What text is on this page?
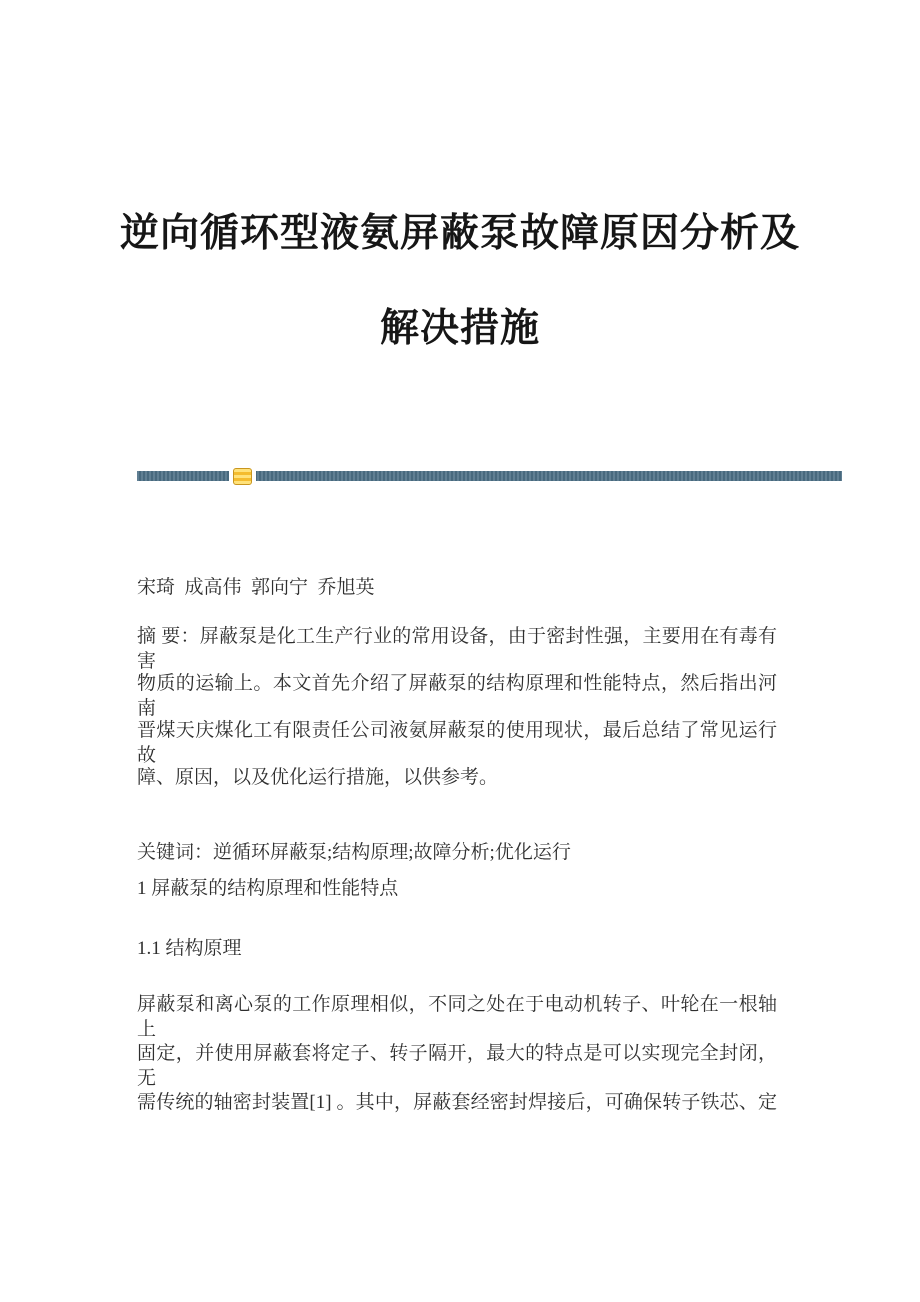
逆向循环型液氨屏蔽泵故障原因分析及
解决措施

宋琦  成高伟  郭向宁  乔旭英

摘 要：屏蔽泵是化工生产行业的常用设备，由于密封性强，主要用在有毒有害
物质的运输上。本文首先介绍了屏蔽泵的结构原理和性能特点，然后指出河南
晋煤天庆煤化工有限责任公司液氨屏蔽泵的使用现状，最后总结了常见运行故
障、原因，以及优化运行措施，以供参考。

关键词：逆循环屏蔽泵;结构原理;故障分析;优化运行

1 屏蔽泵的结构原理和性能特点
1.1 结构原理
屏蔽泵和离心泵的工作原理相似，不同之处在于电动机转子、叶轮在一根轴上
固定，并使用屏蔽套将定子、转子隔开，最大的特点是可以实现完全封闭，无
需传统的轴密封装置[1] 。其中，屏蔽套经密封焊接后，可确保转子铁芯、定
